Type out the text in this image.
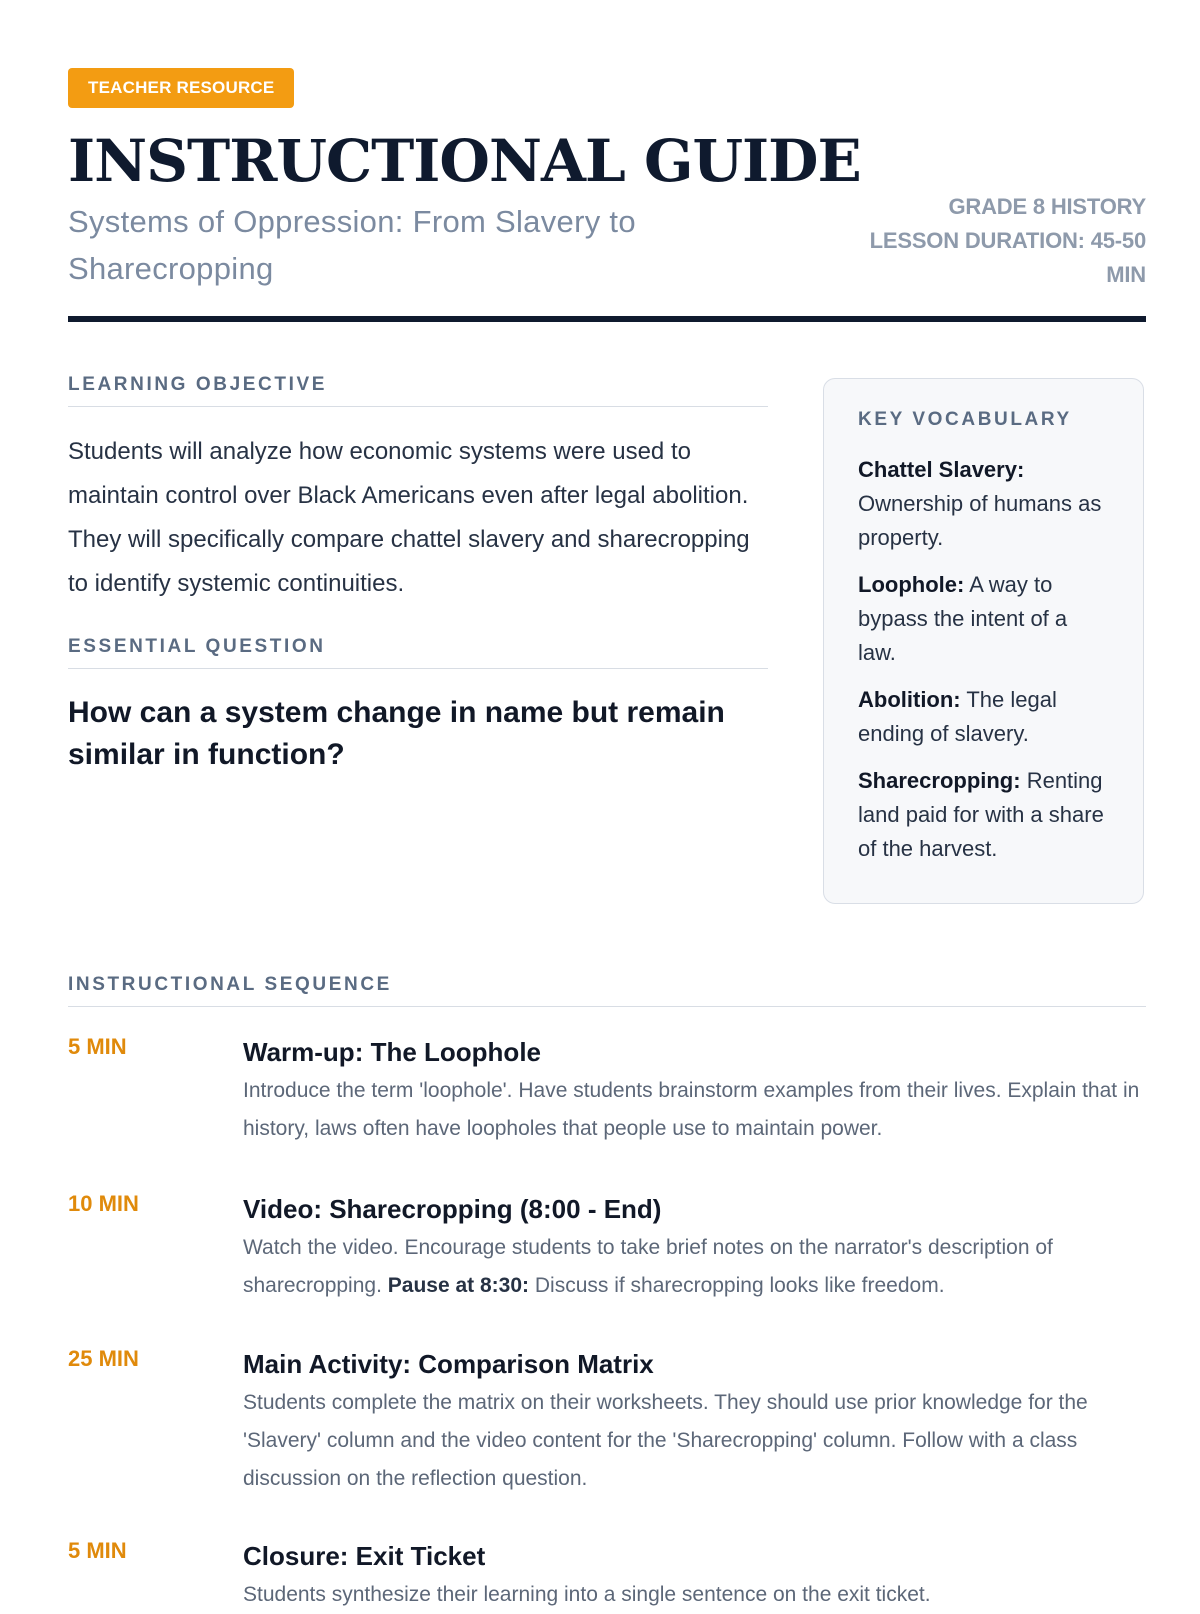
TEACHER RESOURCE
INSTRUCTIONAL GUIDE
Systems of Oppression: From Slavery to Sharecropping
GRADE 8 HISTORY
LESSON DURATION: 45-50 MIN
LEARNING OBJECTIVE
Students will analyze how economic systems were used to maintain control over Black Americans even after legal abolition. They will specifically compare chattel slavery and sharecropping to identify systemic continuities.
ESSENTIAL QUESTION
How can a system change in name but remain similar in function?
KEY VOCABULARY
Chattel Slavery: Ownership of humans as property.
Loophole: A way to bypass the intent of a law.
Abolition: The legal ending of slavery.
Sharecropping: Renting land paid for with a share of the harvest.
INSTRUCTIONAL SEQUENCE
5 MIN	Warm-up: The Loophole
Introduce the term 'loophole'. Have students brainstorm examples from their lives. Explain that in history, laws often have loopholes that people use to maintain power.
10 MIN	Video: Sharecropping (8:00 - End)
Watch the video. Encourage students to take brief notes on the narrator's description of sharecropping. Pause at 8:30: Discuss if sharecropping looks like freedom.
25 MIN	Main Activity: Comparison Matrix
Students complete the matrix on their worksheets. They should use prior knowledge for the 'Slavery' column and the video content for the 'Sharecropping' column. Follow with a class discussion on the reflection question.
5 MIN	Closure: Exit Ticket
Students synthesize their learning into a single sentence on the exit ticket.
